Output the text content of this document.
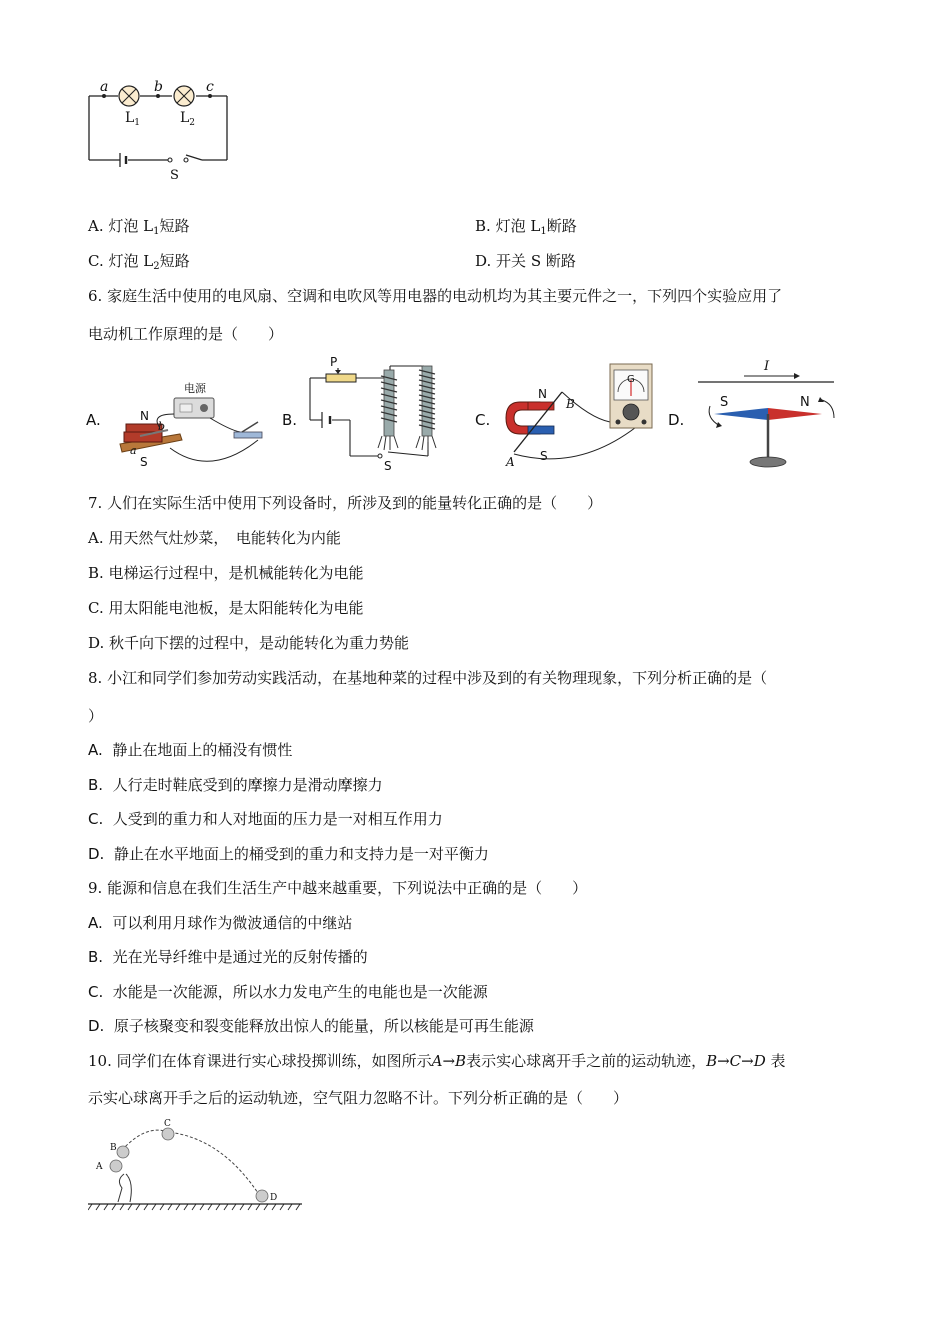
a	b	c
$L_1$	$L_2$
S
A. 灯泡 $L_1$短路	B. 灯泡 $L_1$断路
C. 灯泡 $L_2$短路	D. 开关 S 断路
6. 家庭生活中使用的电风扇、空调和电吹风等用电器的电动机均为其主要元件之一，下列四个实验应用了
电动机工作原理的是（　　）
A.
电源
N
S
b
a
B.
P
S
C.
N
S
B
A
G
D.
I
S	N
7. 人们在实际生活中使用下列设备时，所涉及到的能量转化正确的是（　　）
A. 用天然气灶炒菜，　电能转化为内能
B. 电梯运行过程中，是机械能转化为电能
C. 用太阳能电池板，是太阳能转化为电能
D. 秋千向下摆的过程中，是动能转化为重力势能
8. 小江和同学们参加劳动实践活动，在基地种菜的过程中涉及到的有关物理现象，下列分析正确的是（
）
A. 静止在地面上的桶没有惯性
B. 人行走时鞋底受到的摩擦力是滑动摩擦力
C. 人受到的重力和人对地面的压力是一对相互作用力
D. 静止在水平地面上的桶受到的重力和支持力是一对平衡力
9. 能源和信息在我们生活生产中越来越重要，下列说法中正确的是（　　）
A. 可以利用月球作为微波通信的中继站
B. 光在光导纤维中是通过光的反射传播的
C. 水能是一次能源，所以水力发电产生的电能也是一次能源
D. 原子核聚变和裂变能释放出惊人的能量，所以核能是可再生能源
10. 同学们在体育课进行实心球投掷训练，如图所示A→B表示实心球离开手之前的运动轨迹，B→C→D 表
示实心球离开手之后的运动轨迹，空气阻力忽略不计。下列分析正确的是（　　）
A
B
C
D
